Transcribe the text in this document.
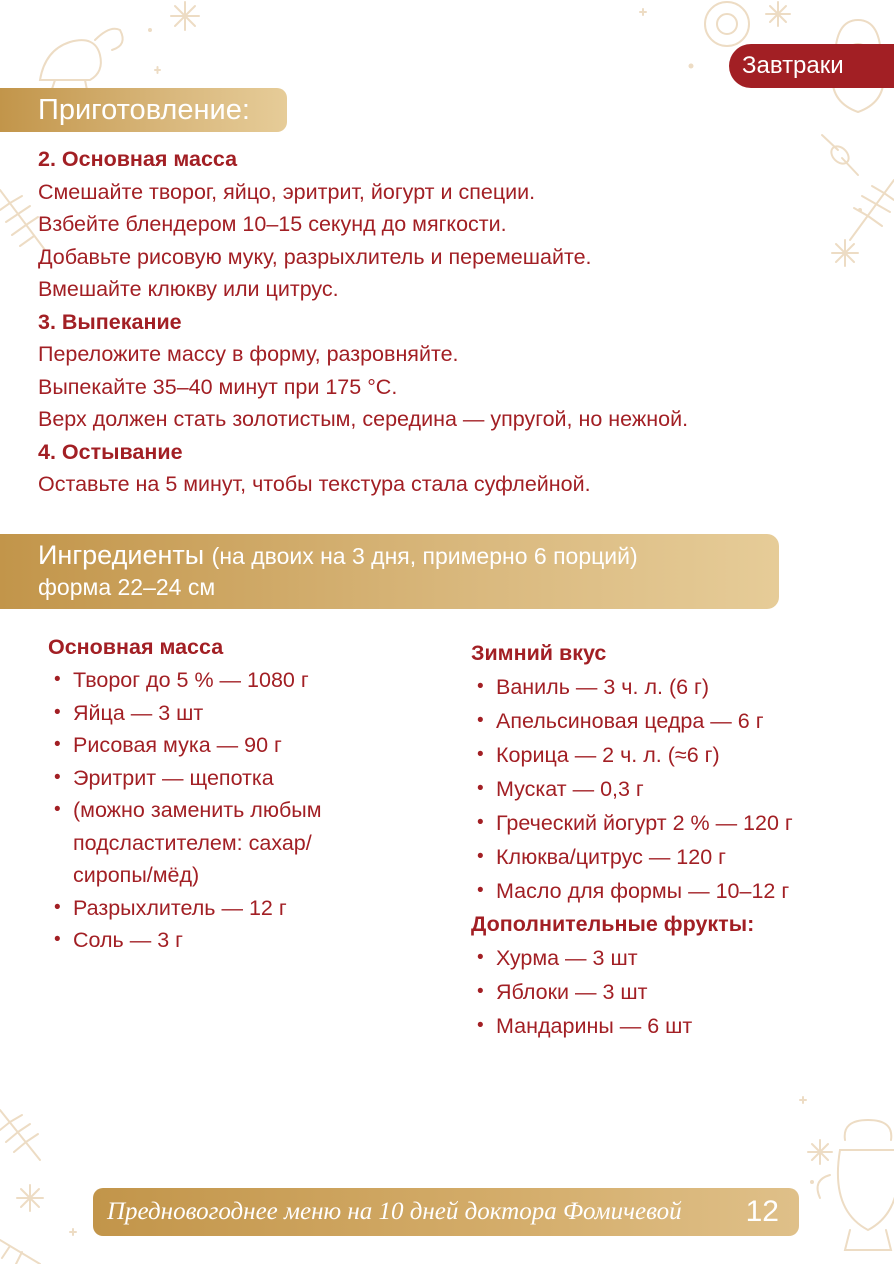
Завтраки
Приготовление:
2. Основная масса
Смешайте творог, яйцо, эритрит, йогурт и специи.
Взбейте блендером 10–15 секунд до мягкости.
Добавьте рисовую муку, разрыхлитель и перемешайте.
Вмешайте клюкву или цитрус.
3. Выпекание
Переложите массу в форму, разровняйте.
Выпекайте 35–40 минут при 175 °С.
Верх должен стать золотистым, середина — упругой, но нежной.
4. Остывание
Оставьте на 5 минут, чтобы текстура стала суфлейной.
Ингредиенты (на двоих на 3 дня, примерно 6 порций)
форма 22–24 см
Основная масса
• Творог до 5 % — 1080 г
• Яйца — 3 шт
• Рисовая мука — 90 г
• Эритрит — щепотка
• (можно заменить любым подсластителем: сахар/сиропы/мёд)
• Разрыхлитель — 12 г
• Соль — 3 г
Зимний вкус
• Ваниль — 3 ч. л. (6 г)
• Апельсиновая цедра — 6 г
• Корица — 2 ч. л. (≈6 г)
• Мускат — 0,3 г
• Греческий йогурт 2 % — 120 г
• Клюква/цитрус — 120 г
• Масло для формы — 10–12 г
Дополнительные фрукты:
• Хурма — 3 шт
• Яблоки — 3 шт
• Мандарины — 6 шт
Предновогоднее меню на 10 дней доктора Фомичевой 12
